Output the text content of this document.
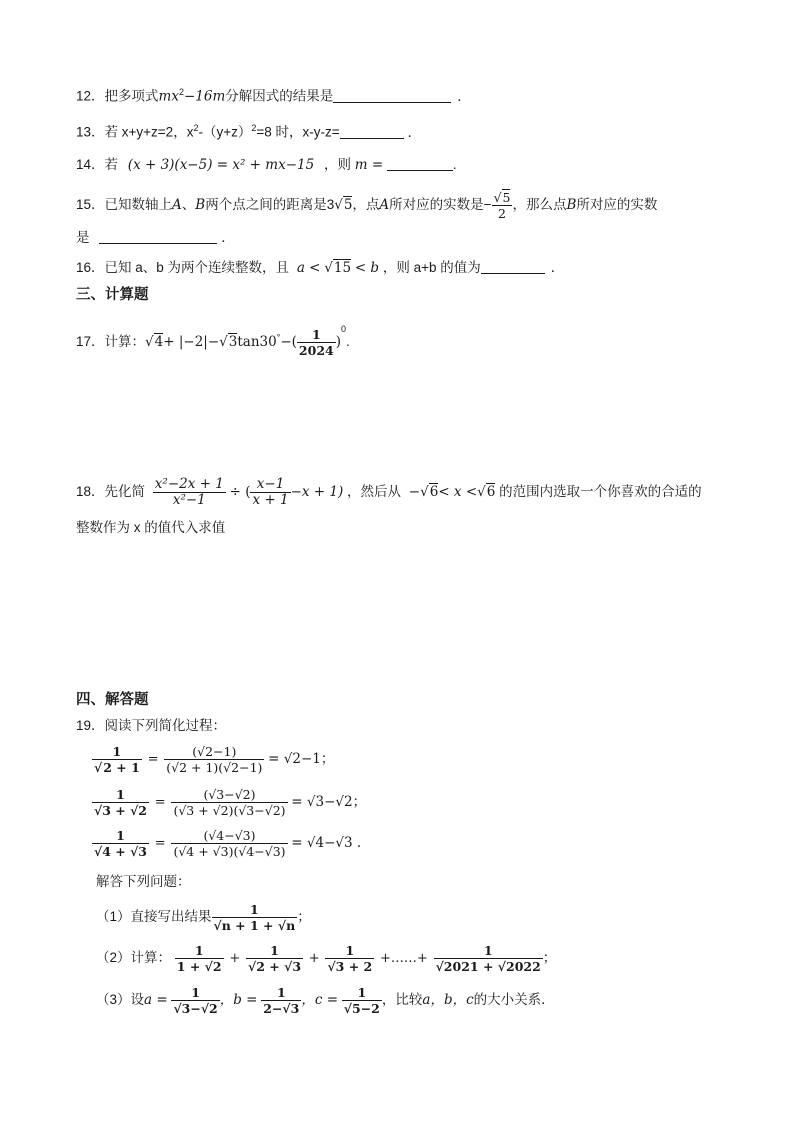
12．把多项式$mx^2-16m$分解因式的结果是	．
13．若 x+y+z=2，$x^2-(y+z)^2=8$ 时，x-y-z=	．
14．若 (x + 3)(x−5) = x² + mx−15 ，则 m =	.
15．已知数轴上A、B两个点之间的距离是3√5，点A所对应的实数是− $\frac{√5}{2}$ ，那么点B所对应的实数
是	．
16．已知 a、b 为两个连续整数，且 a < √15 < b ，则 a+b 的值为	．
三、计算题
17．计算：$√4+ |-2|-√3\tan 30^\circ-( \frac{1}{2024} )^0$.
18．先化简 $\frac{\text{x²−2x + 1}}{\text{x²−1}}$ ÷ ( $\frac{x-1}{x + 1} -x + 1$) ，然后从 −√6< x <√6 的范围内选取一个你喜欢的合适的
整数作为 x 的值代入求值
四、解答题
19．阅读下列简化过程：
$\frac{1}{√2 + 1} = \frac{(√2-1)}{(√2 + 1)(√2-1)} = √2-1$；
$\frac{1}{√3 + √2} = \frac{(√3-√2)}{(√3 + √2)(√3-√2)} = √3-√2$；
$\frac{1}{√4 + √3} = \frac{(√4-√3)}{(√4 + √3)(√4-√3)} = √4-√3$ .
解答下列问题：
（1）直接写出结果 $\frac{1}{√n + 1 + √n}$ ；
（2）计算： $\frac{1}{1 + √2} + \frac{1}{√2 + √3} + \frac{1}{√3 + 2}$ +……+ $\frac{1}{√2021 + √2022}$ ；
（3）设$a = \frac{1}{√3-√2}$ ，$b = \frac{1}{2-√3}$ ，$c = \frac{1}{√5-2}$ ，比较a，b，c的大小关系．
